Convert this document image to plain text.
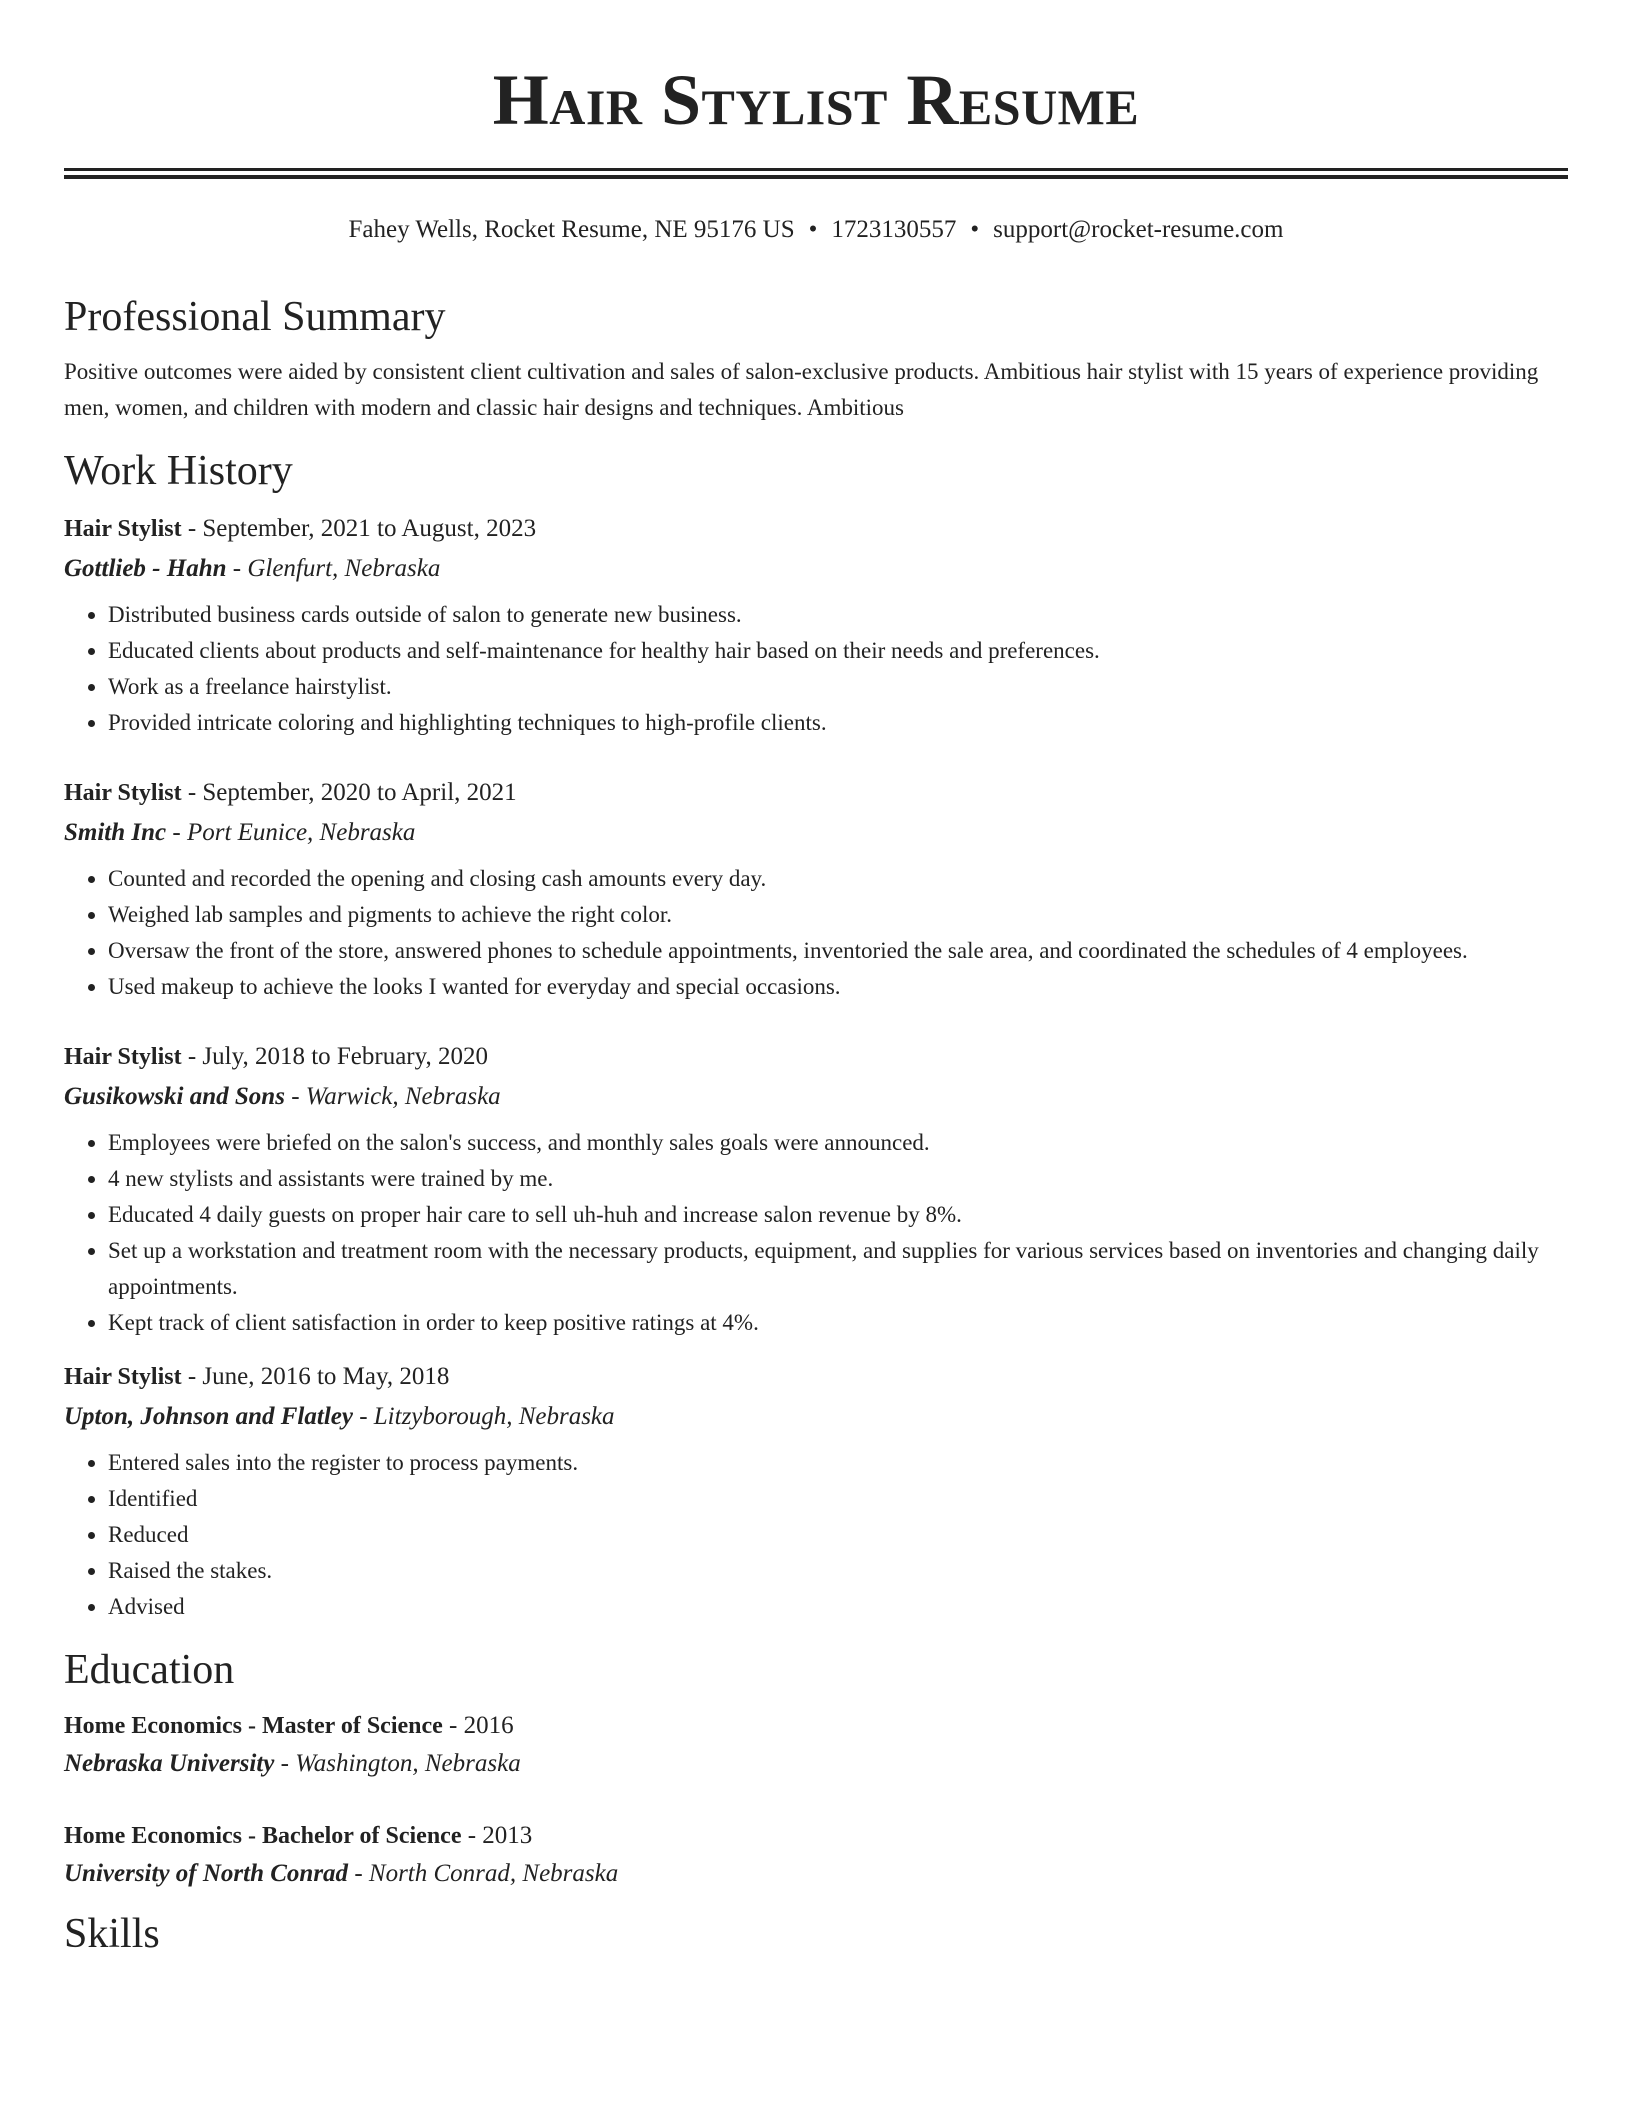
Hair Stylist Resume
Fahey Wells, Rocket Resume, NE 95176 US • 1723130557 • support@rocket-resume.com
Professional Summary

Positive outcomes were aided by consistent client cultivation and sales of salon-exclusive products. Ambitious hair stylist with 15 years of experience providing men, women, and children with modern and classic hair designs and techniques. Ambitious

Work History
Hair Stylist - September, 2021 to August, 2023
Gottlieb - Hahn - Glenfurt, Nebraska
• Distributed business cards outside of salon to generate new business.
• Educated clients about products and self-maintenance for healthy hair based on their needs and preferences.
• Work as a freelance hairstylist.
• Provided intricate coloring and highlighting techniques to high-profile clients.
Hair Stylist - September, 2020 to April, 2021
Smith Inc - Port Eunice, Nebraska
• Counted and recorded the opening and closing cash amounts every day.
• Weighed lab samples and pigments to achieve the right color.
• Oversaw the front of the store, answered phones to schedule appointments, inventoried the sale area, and coordinated the schedules of 4 employees.
• Used makeup to achieve the looks I wanted for everyday and special occasions.
Hair Stylist - July, 2018 to February, 2020
Gusikowski and Sons - Warwick, Nebraska
• Employees were briefed on the salon's success, and monthly sales goals were announced.
• 4 new stylists and assistants were trained by me.
• Educated 4 daily guests on proper hair care to sell uh-huh and increase salon revenue by 8%.
• Set up a workstation and treatment room with the necessary products, equipment, and supplies for various services based on inventories and changing daily appointments.
• Kept track of client satisfaction in order to keep positive ratings at 4%.
Hair Stylist - June, 2016 to May, 2018
Upton, Johnson and Flatley - Litzyborough, Nebraska
• Entered sales into the register to process payments.
• Identified
• Reduced
• Raised the stakes.
• Advised
Education
Home Economics - Master of Science - 2016
Nebraska University - Washington, Nebraska
Home Economics - Bachelor of Science - 2013
University of North Conrad - North Conrad, Nebraska
Skills
